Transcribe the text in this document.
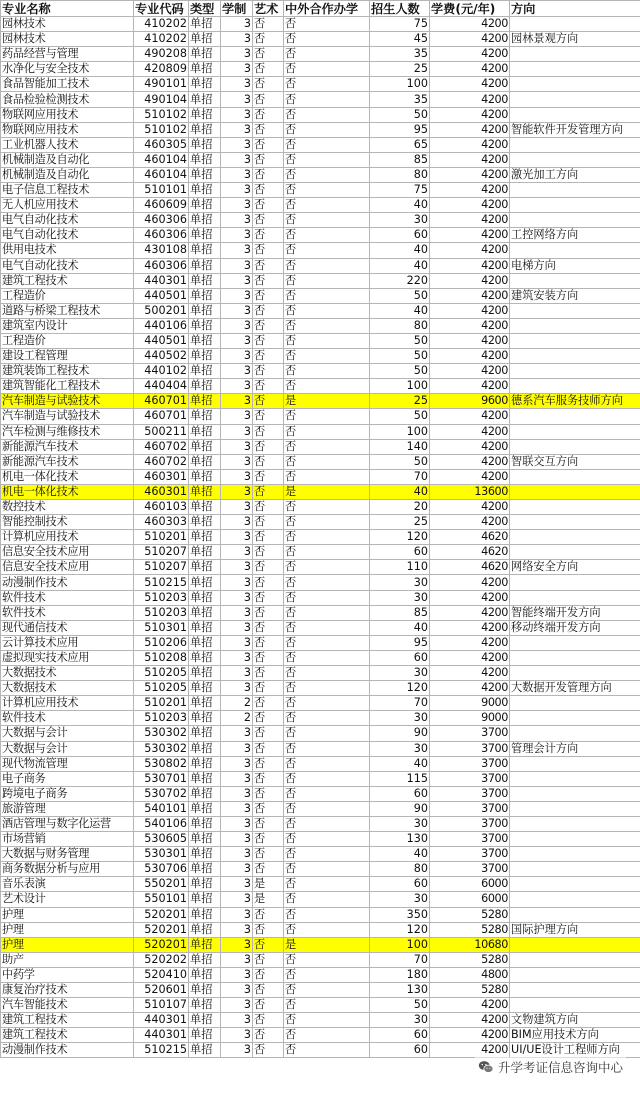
专业名称	专业代码	类型	学制	艺术	中外合作办学	招生人数	学费(元/年)	方向
园林技术	410202	单招	3	否	否	75	4200	
园林技术	410202	单招	3	否	否	45	4200	园林景观方向
药品经营与管理	490208	单招	3	否	否	35	4200	
水净化与安全技术	420809	单招	3	否	否	25	4200	
食品智能加工技术	490101	单招	3	否	否	100	4200	
食品检验检测技术	490104	单招	3	否	否	35	4200	
物联网应用技术	510102	单招	3	否	否	50	4200	
物联网应用技术	510102	单招	3	否	否	95	4200	智能软件开发管理方向
工业机器人技术	460305	单招	3	否	否	65	4200	
机械制造及自动化	460104	单招	3	否	否	85	4200	
机械制造及自动化	460104	单招	3	否	否	80	4200	激光加工方向
电子信息工程技术	510101	单招	3	否	否	75	4200	
无人机应用技术	460609	单招	3	否	否	40	4200	
电气自动化技术	460306	单招	3	否	否	30	4200	
电气自动化技术	460306	单招	3	否	否	60	4200	工控网络方向
供用电技术	430108	单招	3	否	否	40	4200	
电气自动化技术	460306	单招	3	否	否	40	4200	电梯方向
建筑工程技术	440301	单招	3	否	否	220	4200	
工程造价	440501	单招	3	否	否	50	4200	建筑安装方向
道路与桥梁工程技术	500201	单招	3	否	否	40	4200	
建筑室内设计	440106	单招	3	否	否	80	4200	
工程造价	440501	单招	3	否	否	50	4200	
建设工程管理	440502	单招	3	否	否	50	4200	
建筑装饰工程技术	440102	单招	3	否	否	50	4200	
建筑智能化工程技术	440404	单招	3	否	否	100	4200	
汽车制造与试验技术	460701	单招	3	否	是	25	9600	德系汽车服务技师方向
汽车制造与试验技术	460701	单招	3	否	否	50	4200	
汽车检测与维修技术	500211	单招	3	否	否	100	4200	
新能源汽车技术	460702	单招	3	否	否	140	4200	
新能源汽车技术	460702	单招	3	否	否	50	4200	智联交互方向
机电一体化技术	460301	单招	3	否	否	70	4200	
机电一体化技术	460301	单招	3	否	是	40	13600	
数控技术	460103	单招	3	否	否	20	4200	
智能控制技术	460303	单招	3	否	否	25	4200	
计算机应用技术	510201	单招	3	否	否	120	4620	
信息安全技术应用	510207	单招	3	否	否	60	4620	
信息安全技术应用	510207	单招	3	否	否	110	4620	网络安全方向
动漫制作技术	510215	单招	3	否	否	30	4200	
软件技术	510203	单招	3	否	否	30	4200	
软件技术	510203	单招	3	否	否	85	4200	智能终端开发方向
现代通信技术	510301	单招	3	否	否	40	4200	移动终端开发方向
云计算技术应用	510206	单招	3	否	否	95	4200	
虚拟现实技术应用	510208	单招	3	否	否	60	4200	
大数据技术	510205	单招	3	否	否	30	4200	
大数据技术	510205	单招	3	否	否	120	4200	大数据开发管理方向
计算机应用技术	510201	单招	2	否	否	70	9000	
软件技术	510203	单招	2	否	否	30	9000	
大数据与会计	530302	单招	3	否	否	90	3700	
大数据与会计	530302	单招	3	否	否	30	3700	管理会计方向
现代物流管理	530802	单招	3	否	否	40	3700	
电子商务	530701	单招	3	否	否	115	3700	
跨境电子商务	530702	单招	3	否	否	60	3700	
旅游管理	540101	单招	3	否	否	90	3700	
酒店管理与数字化运营	540106	单招	3	否	否	30	3700	
市场营销	530605	单招	3	否	否	130	3700	
大数据与财务管理	530301	单招	3	否	否	40	3700	
商务数据分析与应用	530706	单招	3	否	否	80	3700	
音乐表演	550201	单招	3	是	否	60	6000	
艺术设计	550101	单招	3	是	否	30	6000	
护理	520201	单招	3	否	否	350	5280	
护理	520201	单招	3	否	否	120	5280	国际护理方向
护理	520201	单招	3	否	是	100	10680	
助产	520202	单招	3	否	否	70	5280	
中药学	520410	单招	3	否	否	180	4800	
康复治疗技术	520601	单招	3	否	否	130	5280	
汽车智能技术	510107	单招	3	否	否	50	4200	
建筑工程技术	440301	单招	3	否	否	30	4200	文物建筑方向
建筑工程技术	440301	单招	3	否	否	60	4200	BIM应用技术方向
动漫制作技术	510215	单招	3	否	否	60	4200	UI/UE设计工程师方向
升学考证信息咨询中心
